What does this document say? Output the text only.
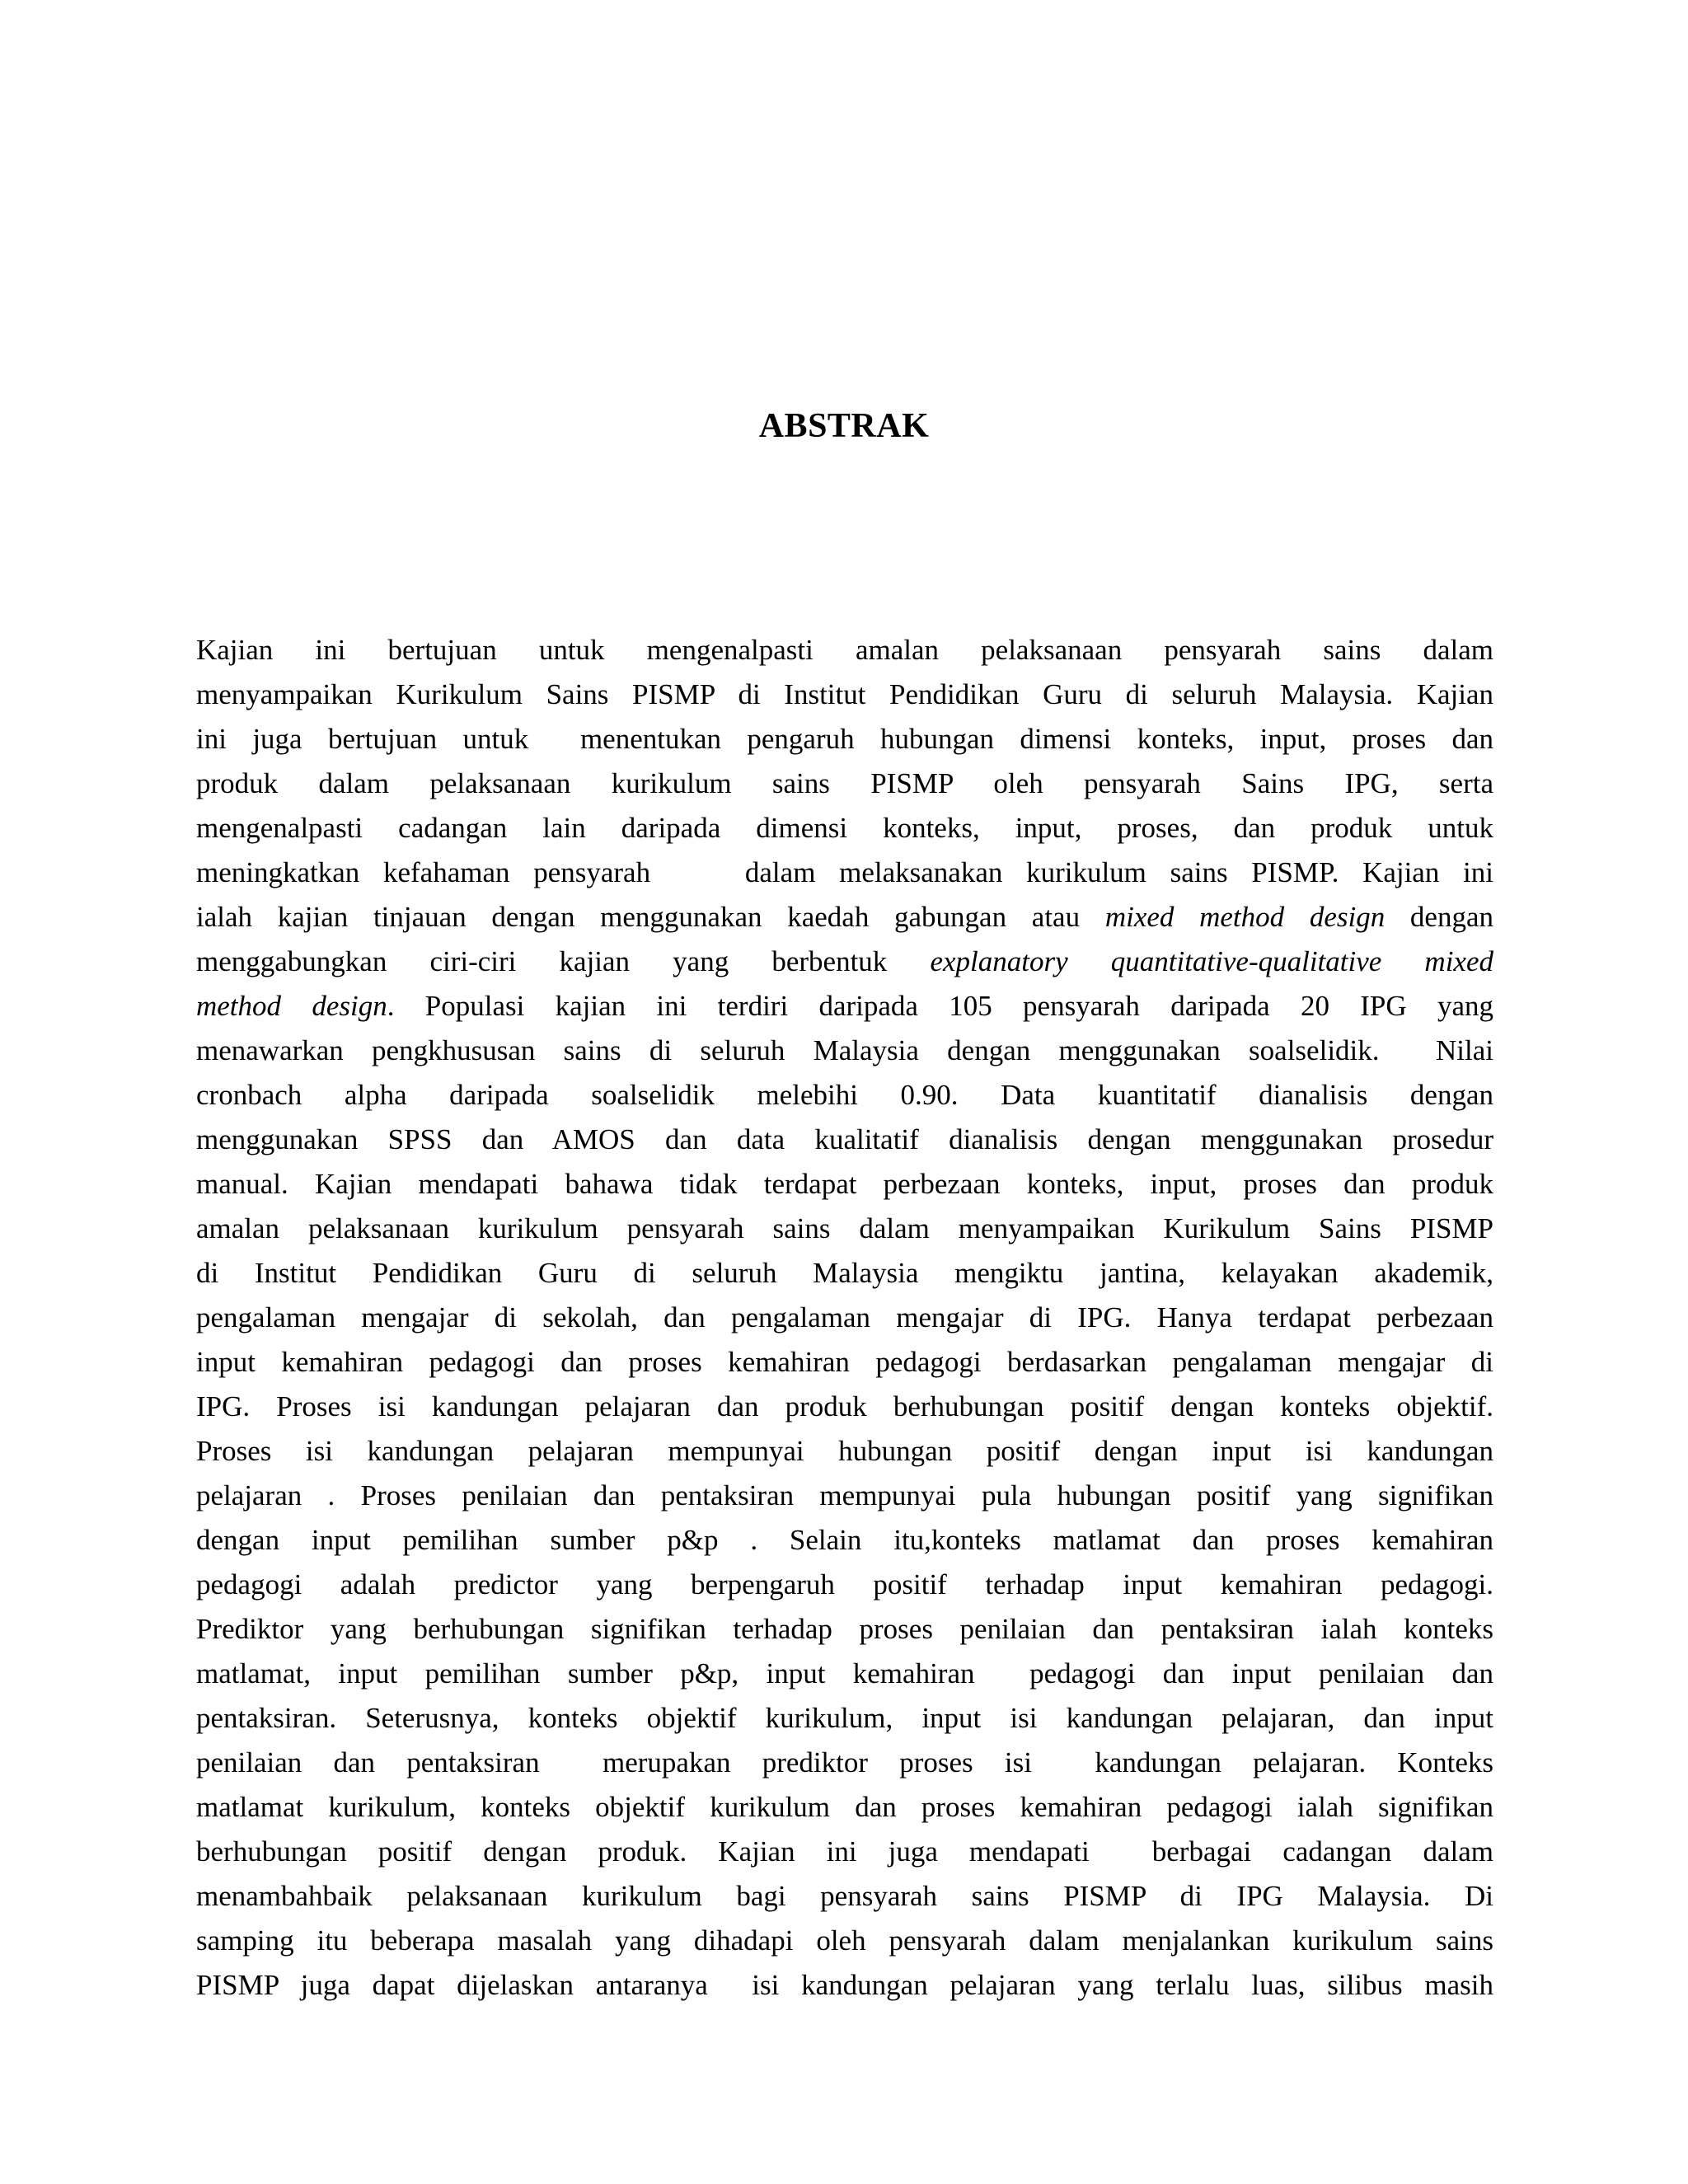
ABSTRAK
Kajian ini bertujuan untuk mengenalpasti amalan pelaksanaan pensyarah sains dalam
menyampaikan Kurikulum Sains PISMP di Institut Pendidikan Guru di seluruh Malaysia. Kajian
ini juga bertujuan untuk  menentukan pengaruh hubungan dimensi konteks, input, proses dan
produk dalam pelaksanaan kurikulum sains PISMP oleh pensyarah Sains IPG, serta
mengenalpasti cadangan lain daripada dimensi konteks, input, proses, dan produk untuk
meningkatkan kefahaman pensyarah    dalam melaksanakan kurikulum sains PISMP. Kajian ini
ialah kajian tinjauan dengan menggunakan kaedah gabungan atau mixed method design dengan
menggabungkan ciri-ciri kajian yang berbentuk explanatory quantitative-qualitative mixed
method design. Populasi kajian ini terdiri daripada 105 pensyarah daripada 20 IPG yang
menawarkan pengkhususan sains di seluruh Malaysia dengan menggunakan soalselidik.  Nilai
cronbach alpha daripada soalselidik melebihi 0.90. Data kuantitatif dianalisis dengan
menggunakan SPSS dan AMOS dan data kualitatif dianalisis dengan menggunakan prosedur
manual. Kajian mendapati bahawa tidak terdapat perbezaan konteks, input, proses dan produk
amalan pelaksanaan kurikulum pensyarah sains dalam menyampaikan Kurikulum Sains PISMP
di Institut Pendidikan Guru di seluruh Malaysia mengiktu jantina, kelayakan akademik,
pengalaman mengajar di sekolah, dan pengalaman mengajar di IPG. Hanya terdapat perbezaan
input kemahiran pedagogi dan proses kemahiran pedagogi berdasarkan pengalaman mengajar di
IPG. Proses isi kandungan pelajaran dan produk berhubungan positif dengan konteks objektif.
Proses isi kandungan pelajaran mempunyai hubungan positif dengan input isi kandungan
pelajaran . Proses penilaian dan pentaksiran mempunyai pula hubungan positif yang signifikan
dengan input pemilihan sumber p&p . Selain itu,konteks matlamat dan proses kemahiran
pedagogi adalah predictor yang berpengaruh positif terhadap input kemahiran pedagogi.
Prediktor yang berhubungan signifikan terhadap proses penilaian dan pentaksiran ialah konteks
matlamat, input pemilihan sumber p&p, input kemahiran  pedagogi dan input penilaian dan
pentaksiran. Seterusnya, konteks objektif kurikulum, input isi kandungan pelajaran, dan input
penilaian dan pentaksiran  merupakan prediktor proses isi  kandungan pelajaran. Konteks
matlamat kurikulum, konteks objektif kurikulum dan proses kemahiran pedagogi ialah signifikan
berhubungan positif dengan produk. Kajian ini juga mendapati  berbagai cadangan dalam
menambahbaik pelaksanaan kurikulum bagi pensyarah sains PISMP di IPG Malaysia. Di
samping itu beberapa masalah yang dihadapi oleh pensyarah dalam menjalankan kurikulum sains
PISMP juga dapat dijelaskan antaranya  isi kandungan pelajaran yang terlalu luas, silibus masih
